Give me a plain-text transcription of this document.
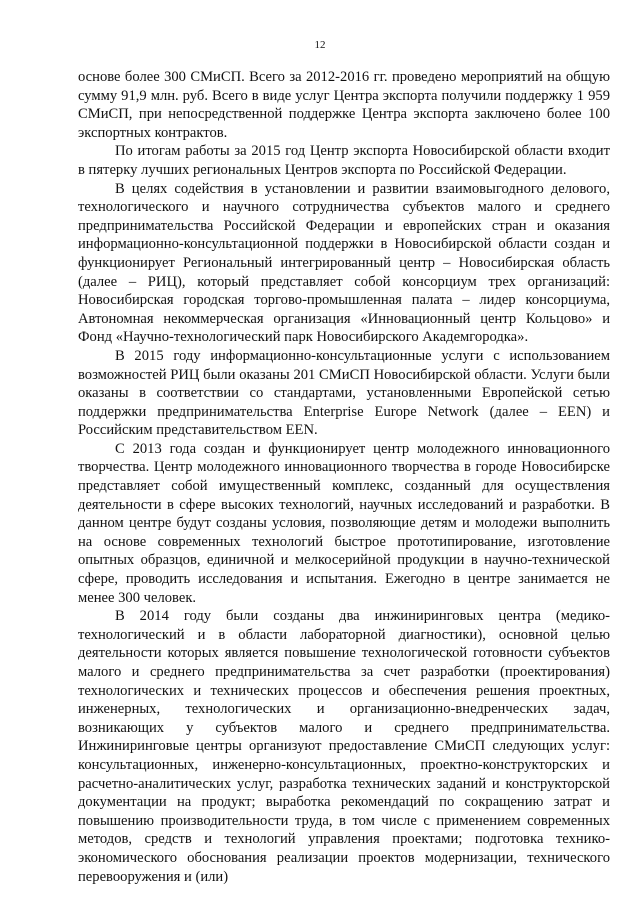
12

основе более 300 СМиСП. Всего за 2012-2016 гг. проведено мероприятий на общую сумму 91,9 млн. руб. Всего в виде услуг Центра экспорта получили поддержку 1 959 СМиСП, при непосредственной поддержке Центра экспорта заключено более 100 экспортных контрактов.

По итогам работы за 2015 год Центр экспорта Новосибирской области входит в пятерку лучших региональных Центров экспорта по Российской Федерации.

В целях содействия в установлении и развитии взаимовыгодного делового, технологического и научного сотрудничества субъектов малого и среднего предпринимательства Российской Федерации и европейских стран и оказания информационно-консультационной поддержки в Новосибирской области создан и функционирует Региональный интегрированный центр – Новосибирская область (далее – РИЦ), который представляет собой консорциум трех организаций: Новосибирская городская торгово-промышленная палата – лидер консорциума, Автономная некоммерческая организация «Инновационный центр Кольцово» и Фонд «Научно-технологический парк Новосибирского Академгородка».

В 2015 году информационно-консультационные услуги с использованием возможностей РИЦ были оказаны 201 СМиСП Новосибирской области. Услуги были оказаны в соответствии со стандартами, установленными Европейской сетью поддержки предпринимательства Enterprise Europe Network (далее – EEN) и Российским представительством EEN.

С 2013 года создан и функционирует центр молодежного инновационного творчества. Центр молодежного инновационного творчества в городе Новосибирске представляет собой имущественный комплекс, созданный для осуществления деятельности в сфере высоких технологий, научных исследований и разработки. В данном центре будут созданы условия, позволяющие детям и молодежи выполнить на основе современных технологий быстрое прототипирование, изготовление опытных образцов, единичной и мелкосерийной продукции в научно-технической сфере, проводить исследования и испытания. Ежегодно в центре занимается не менее 300 человек.

В 2014 году были созданы два инжиниринговых центра (медико-технологический и в области лабораторной диагностики), основной целью деятельности которых является повышение технологической готовности субъектов малого и среднего предпринимательства за счет разработки (проектирования) технологических и технических процессов и обеспечения решения проектных, инженерных, технологических и организационно-внедренческих задач, возникающих у субъектов малого и среднего предпринимательства. Инжиниринговые центры организуют предоставление СМиСП следующих услуг: консультационных, инженерно-консультационных, проектно-конструкторских и расчетно-аналитических услуг, разработка технических заданий и конструкторской документации на продукт; выработка рекомендаций по сокращению затрат и повышению производительности труда, в том числе с применением современных методов, средств и технологий управления проектами; подготовка технико-экономического обоснования реализации проектов модернизации, технического перевооружения и (или)
